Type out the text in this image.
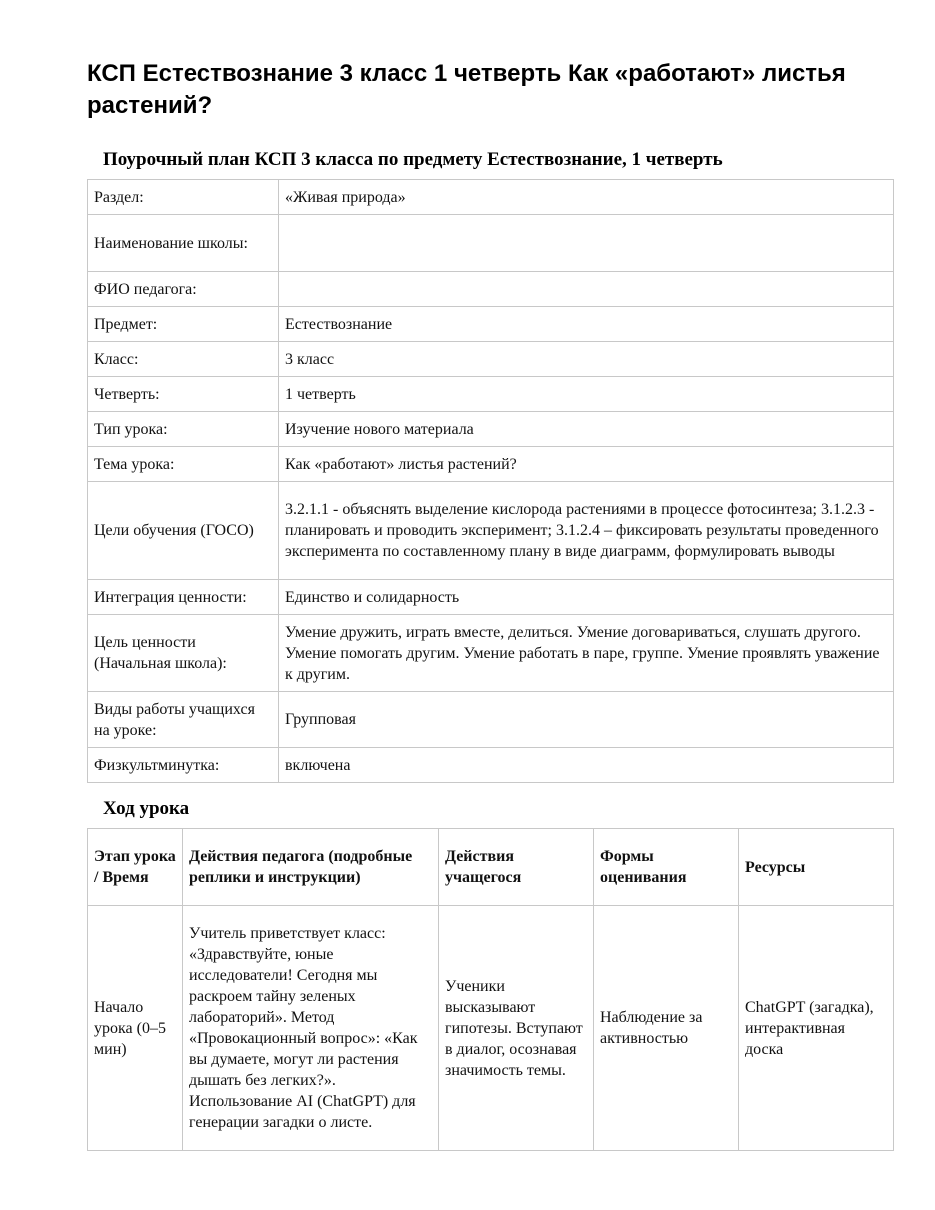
КСП Естествознание 3 класс 1 четверть Как «работают» листья растений?
Поурочный план КСП 3 класса по предмету Естествознание, 1 четверть
Раздел:	«Живая природа»
Наименование школы:	
ФИО педагога:	
Предмет:	Естествознание
Класс:	3 класс
Четверть:	1 четверть
Тип урока:	Изучение нового материала
Тема урока:	Как «работают» листья растений?
Цели обучения (ГОСО)	3.2.1.1 - объяснять выделение кислорода растениями в процессе фотосинтеза; 3.1.2.3 - планировать и проводить эксперимент; 3.1.2.4 – фиксировать результаты проведенного эксперимента по составленному плану в виде диаграмм, формулировать выводы
Интеграция ценности:	Единство и солидарность
Цель ценности (Начальная школа):	Умение дружить, играть вместе, делиться. Умение договариваться, слушать другого. Умение помогать другим. Умение работать в паре, группе. Умение проявлять уважение к другим.
Виды работы учащихся на уроке:	Групповая
Физкультминутка:	включена
Ход урока
Этап урока / Время	Действия педагога (подробные реплики и инструкции)	Действия учащегося	Формы оценивания	Ресурсы
Начало урока (0–5 мин)	Учитель приветствует класс: «Здравствуйте, юные исследователи! Сегодня мы раскроем тайну зеленых лабораторий». Метод «Провокационный вопрос»: «Как вы думаете, могут ли растения дышать без легких?». Использование AI (ChatGPT) для генерации загадки о листе.	Ученики высказывают гипотезы. Вступают в диалог, осознавая значимость темы.	Наблюдение за активностью	ChatGPT (загадка), интерактивная доска
